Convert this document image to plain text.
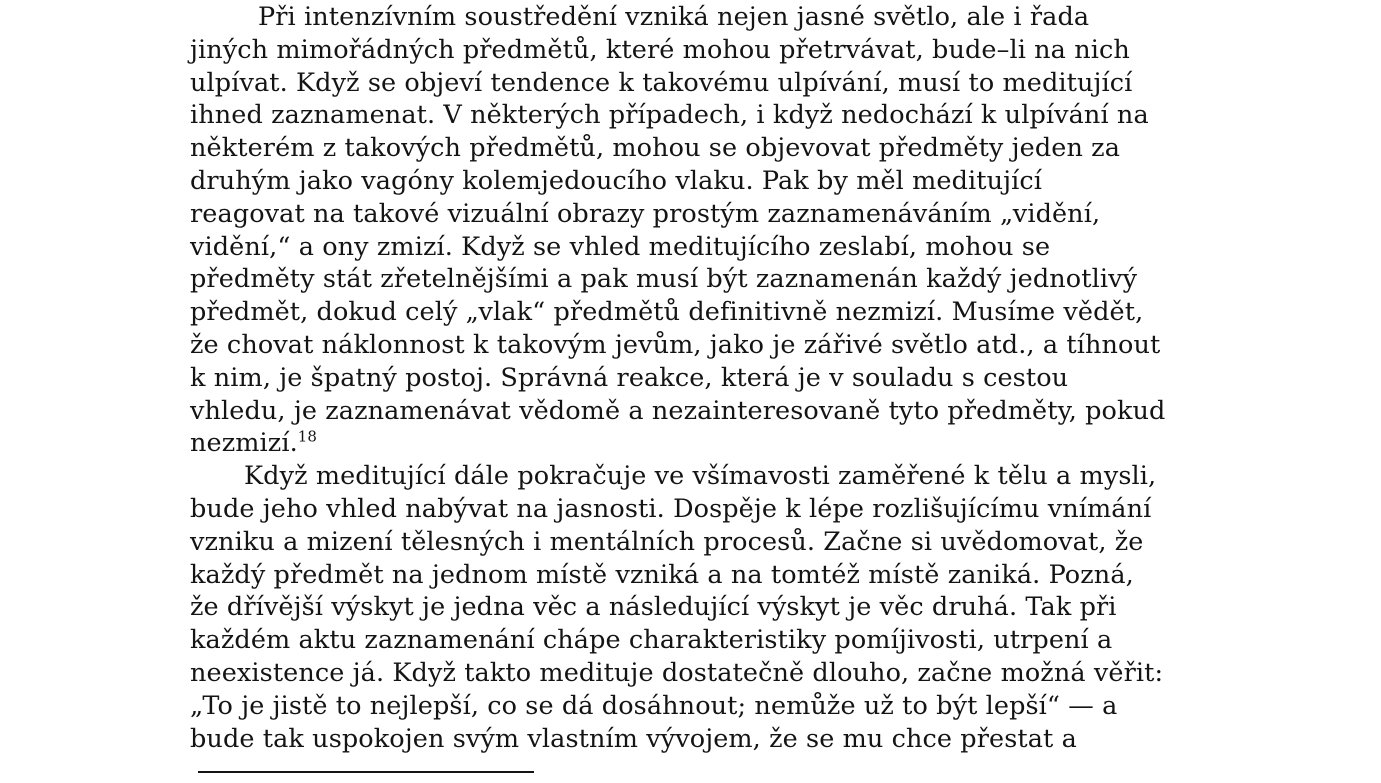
Při intenzívním soustředění vzniká nejen jasné světlo, ale i řada
jiných mimořádných předmětů, které mohou přetrvávat, bude–li na nich
ulpívat. Když se objeví tendence k takovému ulpívání, musí to meditující
ihned zaznamenat. V některých případech, i když nedochází k ulpívání na
některém z takových předmětů, mohou se objevovat předměty jeden za
druhým jako vagóny kolemjedoucího vlaku. Pak by měl meditující
reagovat na takové vizuální obrazy prostým zaznamenáváním „vidění,
vidění,“ a ony zmizí. Když se vhled meditujícího zeslabí, mohou se
předměty stát zřetelnějšími a pak musí být zaznamenán každý jednotlivý
předmět, dokud celý „vlak“ předmětů definitivně nezmizí. Musíme vědět,
že chovat náklonnost k takovým jevům, jako je zářivé světlo atd., a tíhnout
k nim, je špatný postoj. Správná reakce, která je v souladu s cestou
vhledu, je zaznamenávat vědomě a nezainteresovaně tyto předměty, pokud
nezmizí.$^{18}$
Když meditující dále pokračuje ve všímavosti zaměřené k tělu a mysli,
bude jeho vhled nabývat na jasnosti. Dospěje k lépe rozlišujícímu vnímání
vzniku a mizení tělesných i mentálních procesů. Začne si uvědomovat, že
každý předmět na jednom místě vzniká a na tomtéž místě zaniká. Pozná,
že dřívější výskyt je jedna věc a následující výskyt je věc druhá. Tak při
každém aktu zaznamenání chápe charakteristiky pomíjivosti, utrpení a
neexistence já. Když takto medituje dostatečně dlouho, začne možná věřit:
„To je jistě to nejlepší, co se dá dosáhnout; nemůže už to být lepší“ — a
bude tak uspokojen svým vlastním vývojem, že se mu chce přestat a
